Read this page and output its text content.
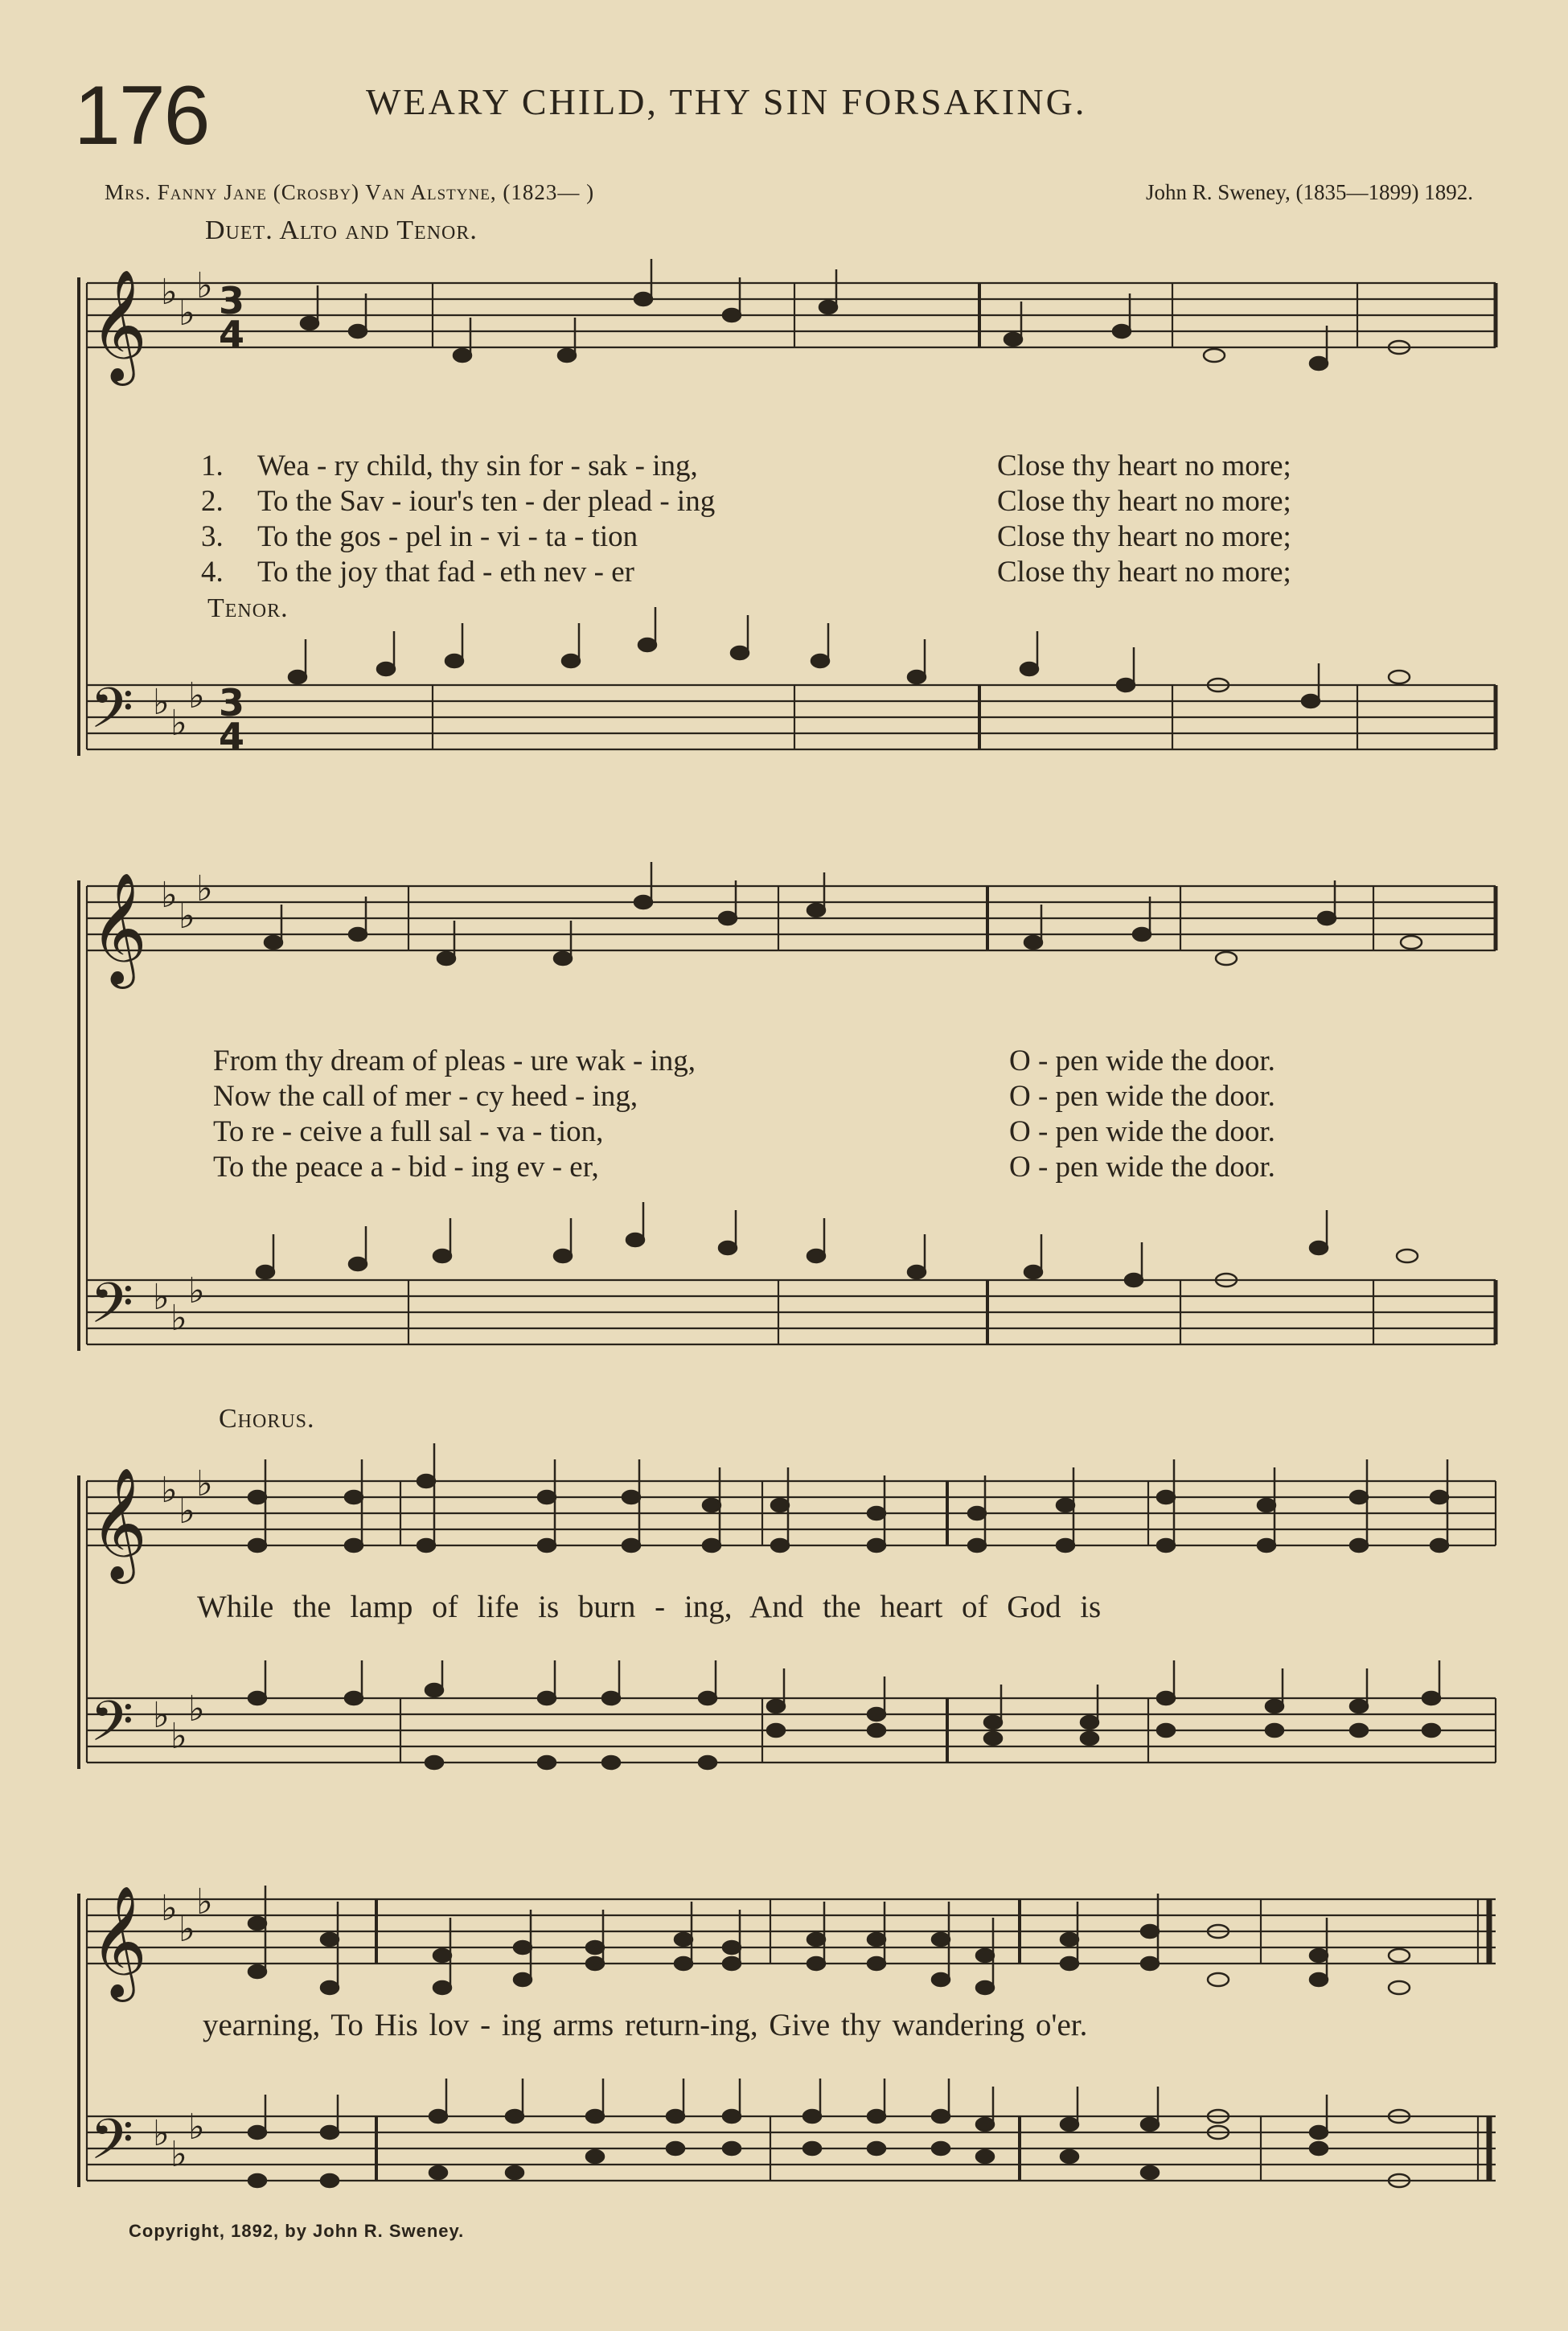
176	WEARY CHILD, THY SIN FORSAKING.
Mrs. Fanny Jane (Crosby) Van Alstyne, (1823— )	John R. Sweney, (1835—1899) 1892.
Duet. Alto and Tenor.
𝄞
𝄢
𝄞
𝄢
𝄞
𝄢
𝄞
𝄢
♭
♭
♭
♭
♭
♭
♭
♭
♭
♭
♭
♭
♭
♭
♭
♭
♭
♭
♭
♭
♭
♭
♭
♭
3
4
3
4
1.	Wea - ry child, thy sin for - sak - ing,	Close thy heart no more;
2.	To the Sav - iour's ten - der plead - ing	Close thy heart no more;
3.	To the gos - pel in - vi - ta - tion	Close thy heart no more;
4.	To the joy that fad - eth nev - er	Close thy heart no more;
Tenor.
From thy dream of pleas - ure wak - ing,	O - pen wide the door.
Now the call of mer - cy heed - ing,	O - pen wide the door.
To re - ceive a full sal - va - tion,	O - pen wide the door.
To the peace a - bid - ing ev - er,	O - pen wide the door.
Chorus.
While the lamp of life is burn - ing, And the heart of God is
yearning, To His lov - ing arms return-ing, Give thy wandering o'er.
Copyright, 1892, by John R. Sweney.
